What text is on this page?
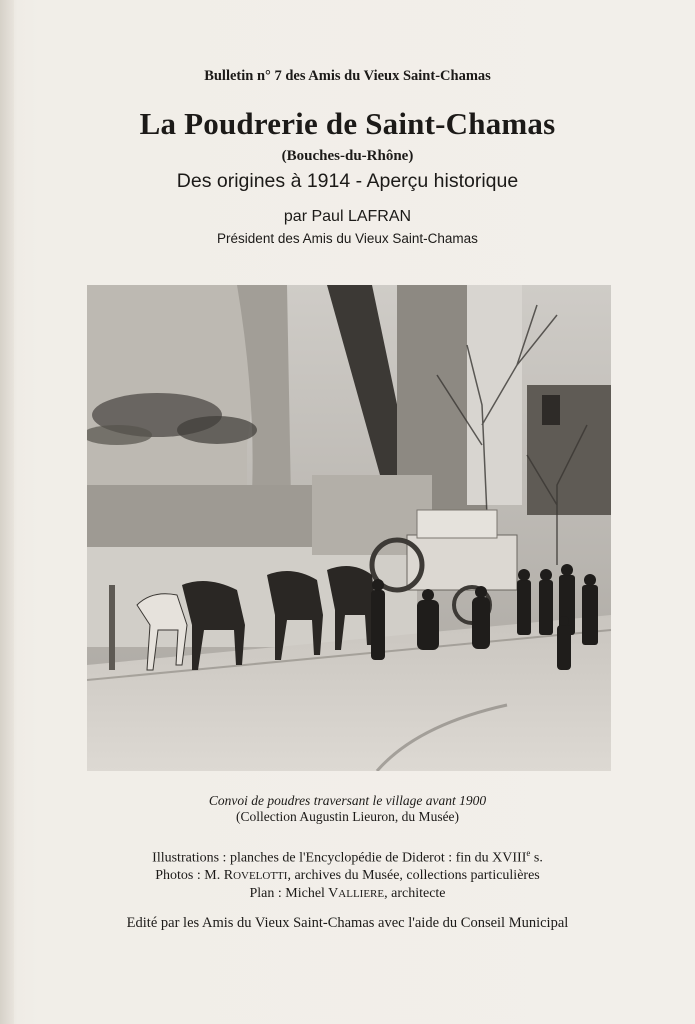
Bulletin n° 7 des Amis du Vieux Saint-Chamas
La Poudrerie de Saint-Chamas
(Bouches-du-Rhône)
Des origines à 1914 - Aperçu historique
par Paul LAFRAN
Président des Amis du Vieux Saint-Chamas
Convoi de poudres traversant le village avant 1900
(Collection Augustin Lieuron, du Musée)
Illustrations : planches de l'Encyclopédie de Diderot : fin du XVIIIe s.
Photos : M. ROVELOTTI, archives du Musée, collections particulières
Plan : Michel VALLIERE, architecte
Edité par les Amis du Vieux Saint-Chamas avec l'aide du Conseil Municipal
